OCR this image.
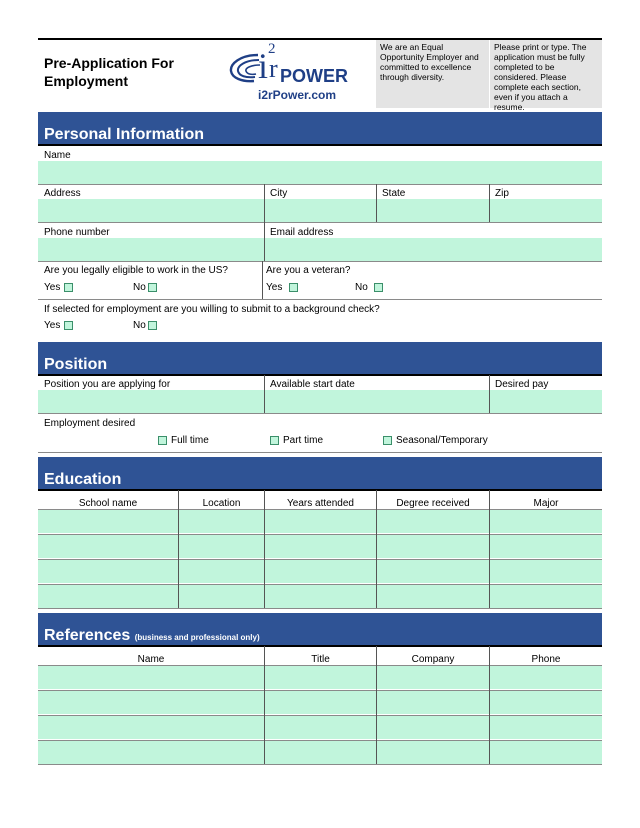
Pre-Application For
Employment	i 2
r POWER
i2rPower.com
We are an Equal Opportunity Employer and committed to excellence through diversity.
Please print or type. The application must be fully completed to be considered. Please complete each section, even if you attach a resume.
Personal Information
Name
Address	City	State	Zip
Phone number	Email address
Are you legally eligible to work in the US?	Are you a veteran?
Yes	No	Yes	No
If selected for employment are you willing to submit to a background check?
Yes	No
Position
Position you are applying for	Available start date	Desired pay
Employment desired
Full time	Part time	Seasonal/Temporary
Education
School name	Location	Years attended	Degree received	Major
References (business and professional only)
Name	Title	Company	Phone
